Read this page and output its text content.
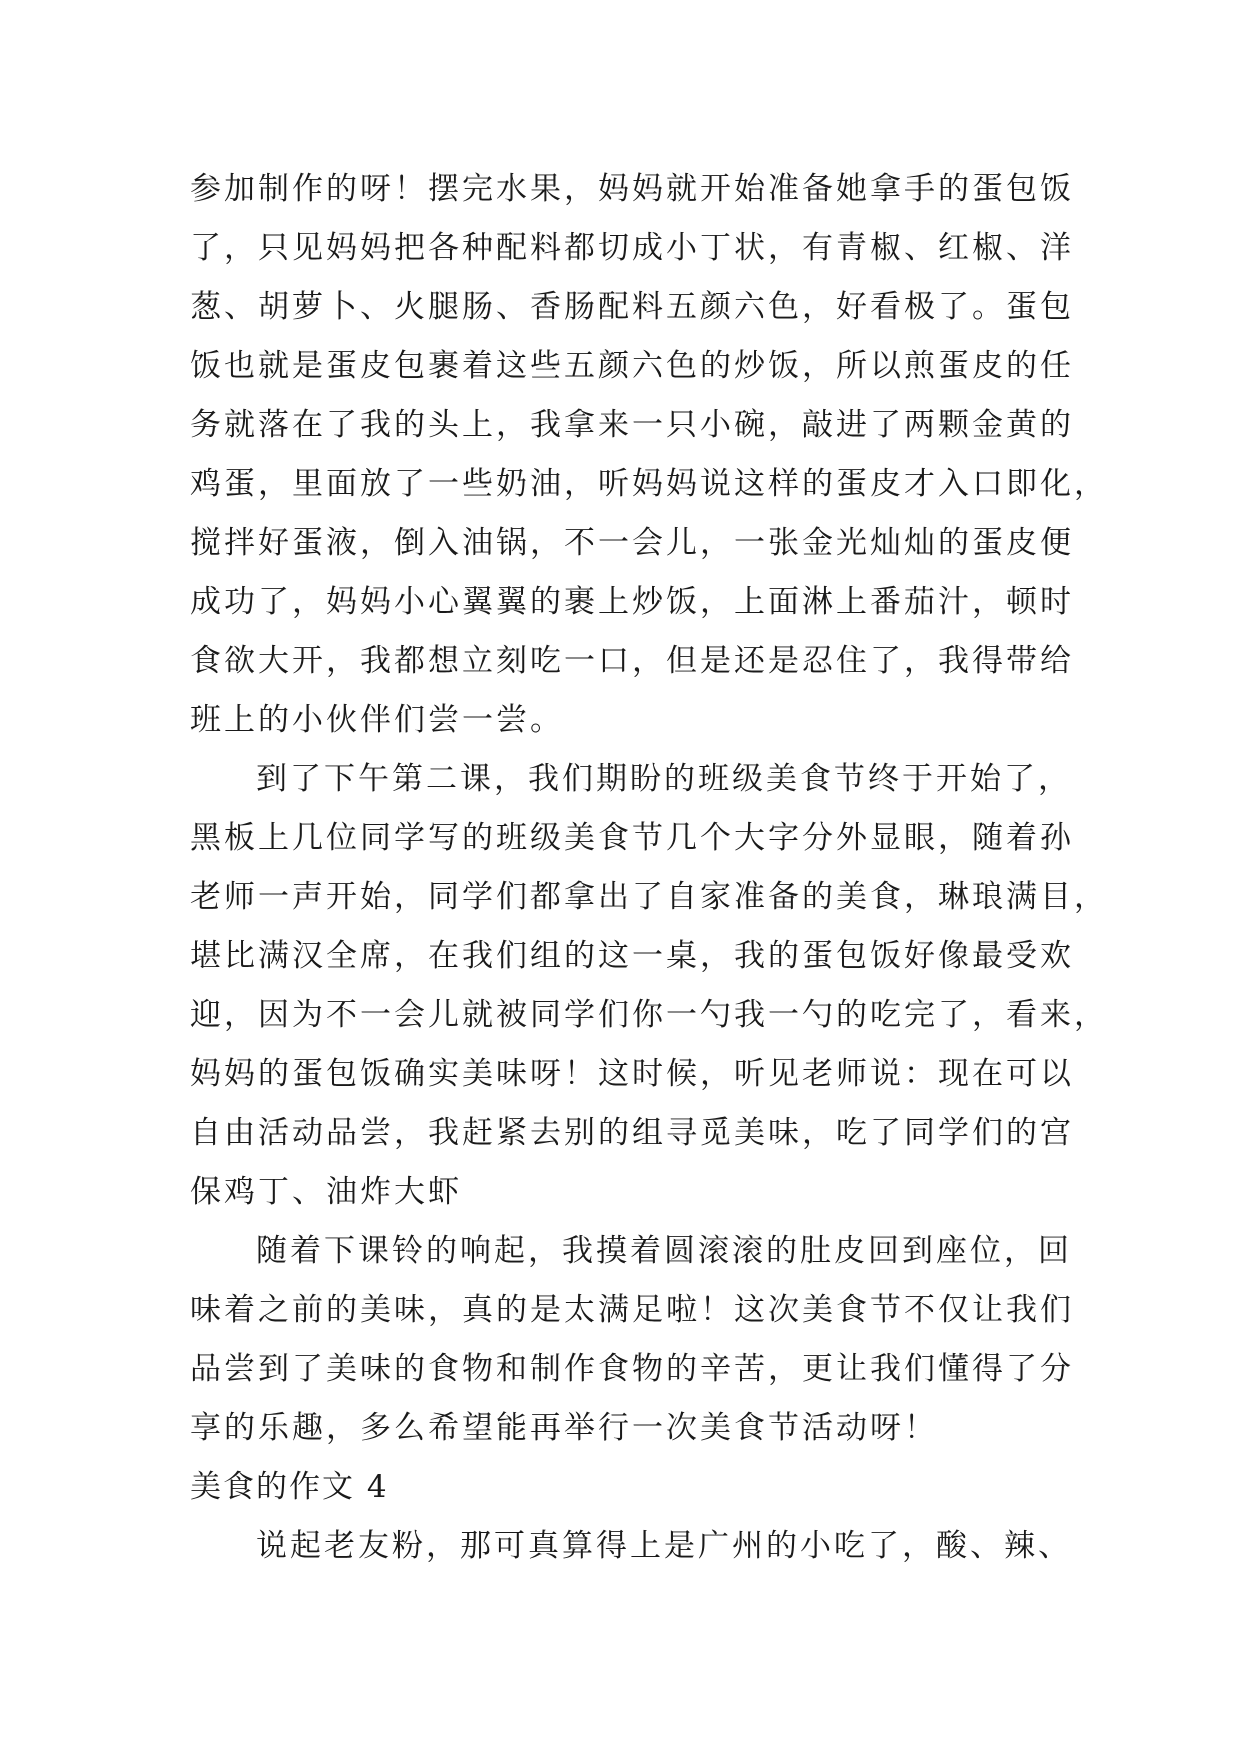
参加制作的呀！摆完水果，妈妈就开始准备她拿手的蛋包饭
了，只见妈妈把各种配料都切成小丁状，有青椒、红椒、洋
葱、胡萝卜、火腿肠、香肠配料五颜六色，好看极了。蛋包
饭也就是蛋皮包裹着这些五颜六色的炒饭，所以煎蛋皮的任
务就落在了我的头上，我拿来一只小碗，敲进了两颗金黄的
鸡蛋，里面放了一些奶油，听妈妈说这样的蛋皮才入口即化，
搅拌好蛋液，倒入油锅，不一会儿，一张金光灿灿的蛋皮便
成功了，妈妈小心翼翼的裹上炒饭，上面淋上番茄汁，顿时
食欲大开，我都想立刻吃一口，但是还是忍住了，我得带给
班上的小伙伴们尝一尝。
到了下午第二课，我们期盼的班级美食节终于开始了，
黑板上几位同学写的班级美食节几个大字分外显眼，随着孙
老师一声开始，同学们都拿出了自家准备的美食，琳琅满目，
堪比满汉全席，在我们组的这一桌，我的蛋包饭好像最受欢
迎，因为不一会儿就被同学们你一勺我一勺的吃完了，看来，
妈妈的蛋包饭确实美味呀！这时候，听见老师说：现在可以
自由活动品尝，我赶紧去别的组寻觅美味，吃了同学们的宫
保鸡丁、油炸大虾
随着下课铃的响起，我摸着圆滚滚的肚皮回到座位，回
味着之前的美味，真的是太满足啦！这次美食节不仅让我们
品尝到了美味的食物和制作食物的辛苦，更让我们懂得了分
享的乐趣，多么希望能再举行一次美食节活动呀！
美食的作文 4
说起老友粉，那可真算得上是广州的小吃了，酸、辣、
